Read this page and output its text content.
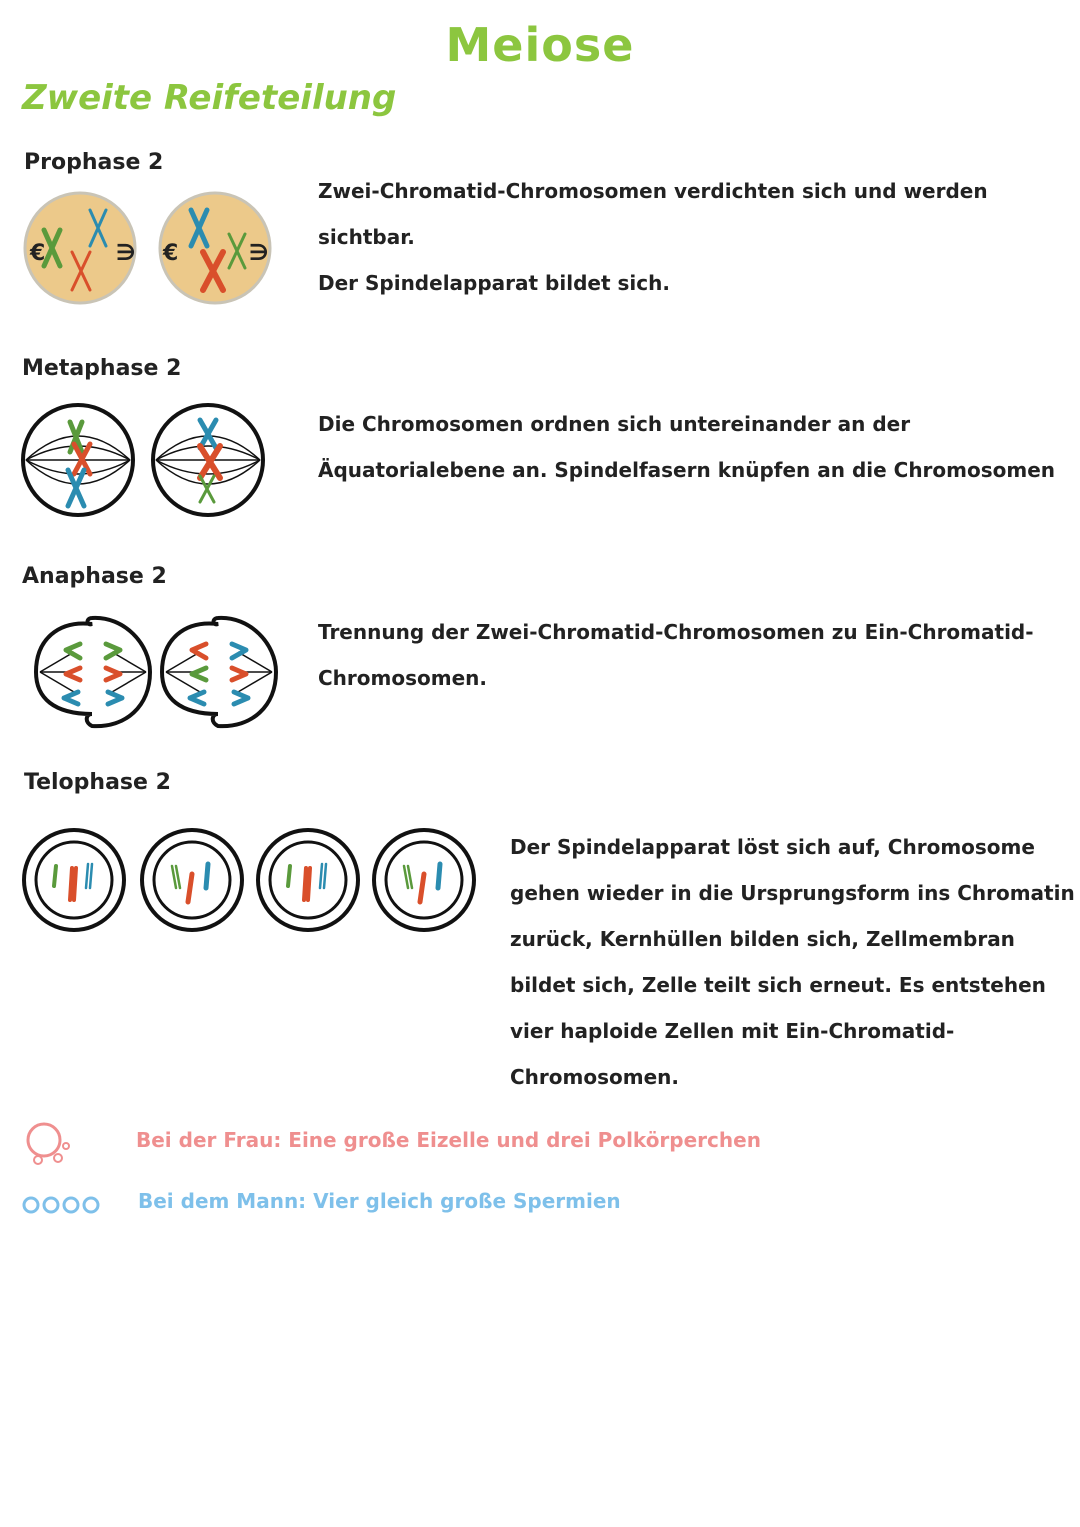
Meiose
Zweite Reifeteilung
Prophase 2
€	∋ €	∋
Zwei-Chromatid-Chromosomen verdichten sich und werden sichtbar.
Der Spindelapparat bildet sich.
Metaphase 2
Die Chromosomen ordnen sich untereinander an der
Äquatorialebene an. Spindelfasern knüpfen an die Chromosomen
Anaphase 2
Trennung der Zwei-Chromatid-Chromosomen zu Ein-Chromatid-
Chromosomen.
Telophase 2
Der Spindelapparat löst sich auf, Chromosome
gehen wieder in die Ursprungsform ins Chromatin
zurück, Kernhüllen bilden sich, Zellmembran
bildet sich, Zelle teilt sich erneut. Es entstehen
vier haploide Zellen mit Ein-Chromatid-
Chromosomen.
Bei der Frau: Eine große Eizelle und drei Polkörperchen
Bei dem Mann: Vier gleich große Spermien
